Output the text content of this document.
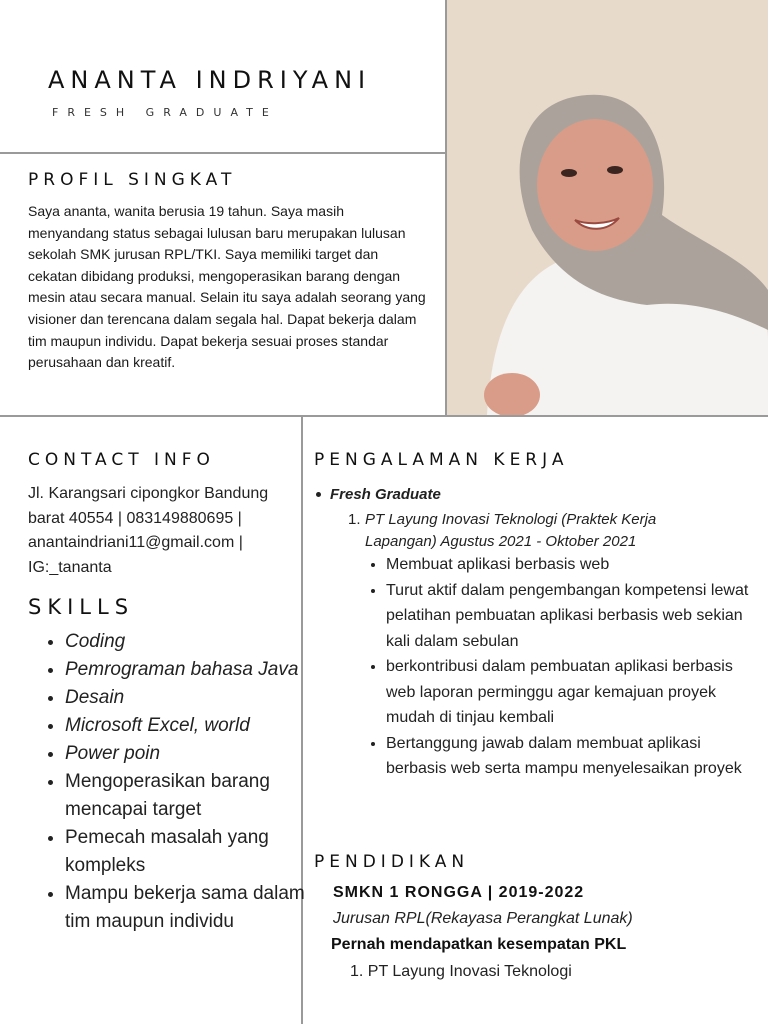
ANANTA INDRIYANI
FRESH GRADUATE
PROFIL SINGKAT
Saya ananta, wanita berusia 19 tahun. Saya masih menyandang status sebagai lulusan baru merupakan lulusan sekolah SMK jurusan RPL/TKI. Saya memiliki target dan cekatan dibidang produksi, mengoperasikan barang dengan mesin atau secara manual. Selain itu saya adalah seorang yang visioner dan terencana dalam segala hal. Dapat bekerja dalam tim maupun individu. Dapat bekerja sesuai proses standar perusahaan dan kreatif.
CONTACT INFO
Jl. Karangsari cipongkor Bandung barat 40554 | 083149880695 | anantaindriani11@gmail.com | IG:_tananta
SKILLS
• Coding
• Pemrograman bahasa Java
• Desain
• Microsoft Excel, world
• Power poin
• Mengoperasikan barang mencapai target
• Pemecah masalah yang kompleks
• Mampu bekerja sama dalam tim maupun individu
PENGALAMAN KERJA
Fresh Graduate
1. PT Layung Inovasi Teknologi (Praktek Kerja Lapangan) Agustus 2021 - Oktober 2021
• Membuat aplikasi berbasis web
• Turut aktif dalam pengembangan kompetensi lewat pelatihan pembuatan aplikasi berbasis web sekian kali dalam sebulan
• berkontribusi dalam pembuatan aplikasi berbasis web laporan perminggu agar kemajuan proyek mudah di tinjau kembali
• Bertanggung jawab dalam membuat aplikasi berbasis web serta mampu menyelesaikan proyek
PENDIDIKAN
SMKN 1 RONGGA | 2019-2022
Jurusan RPL(Rekayasa Perangkat Lunak)
Pernah mendapatkan kesempatan PKL
1. PT Layung Inovasi Teknologi
